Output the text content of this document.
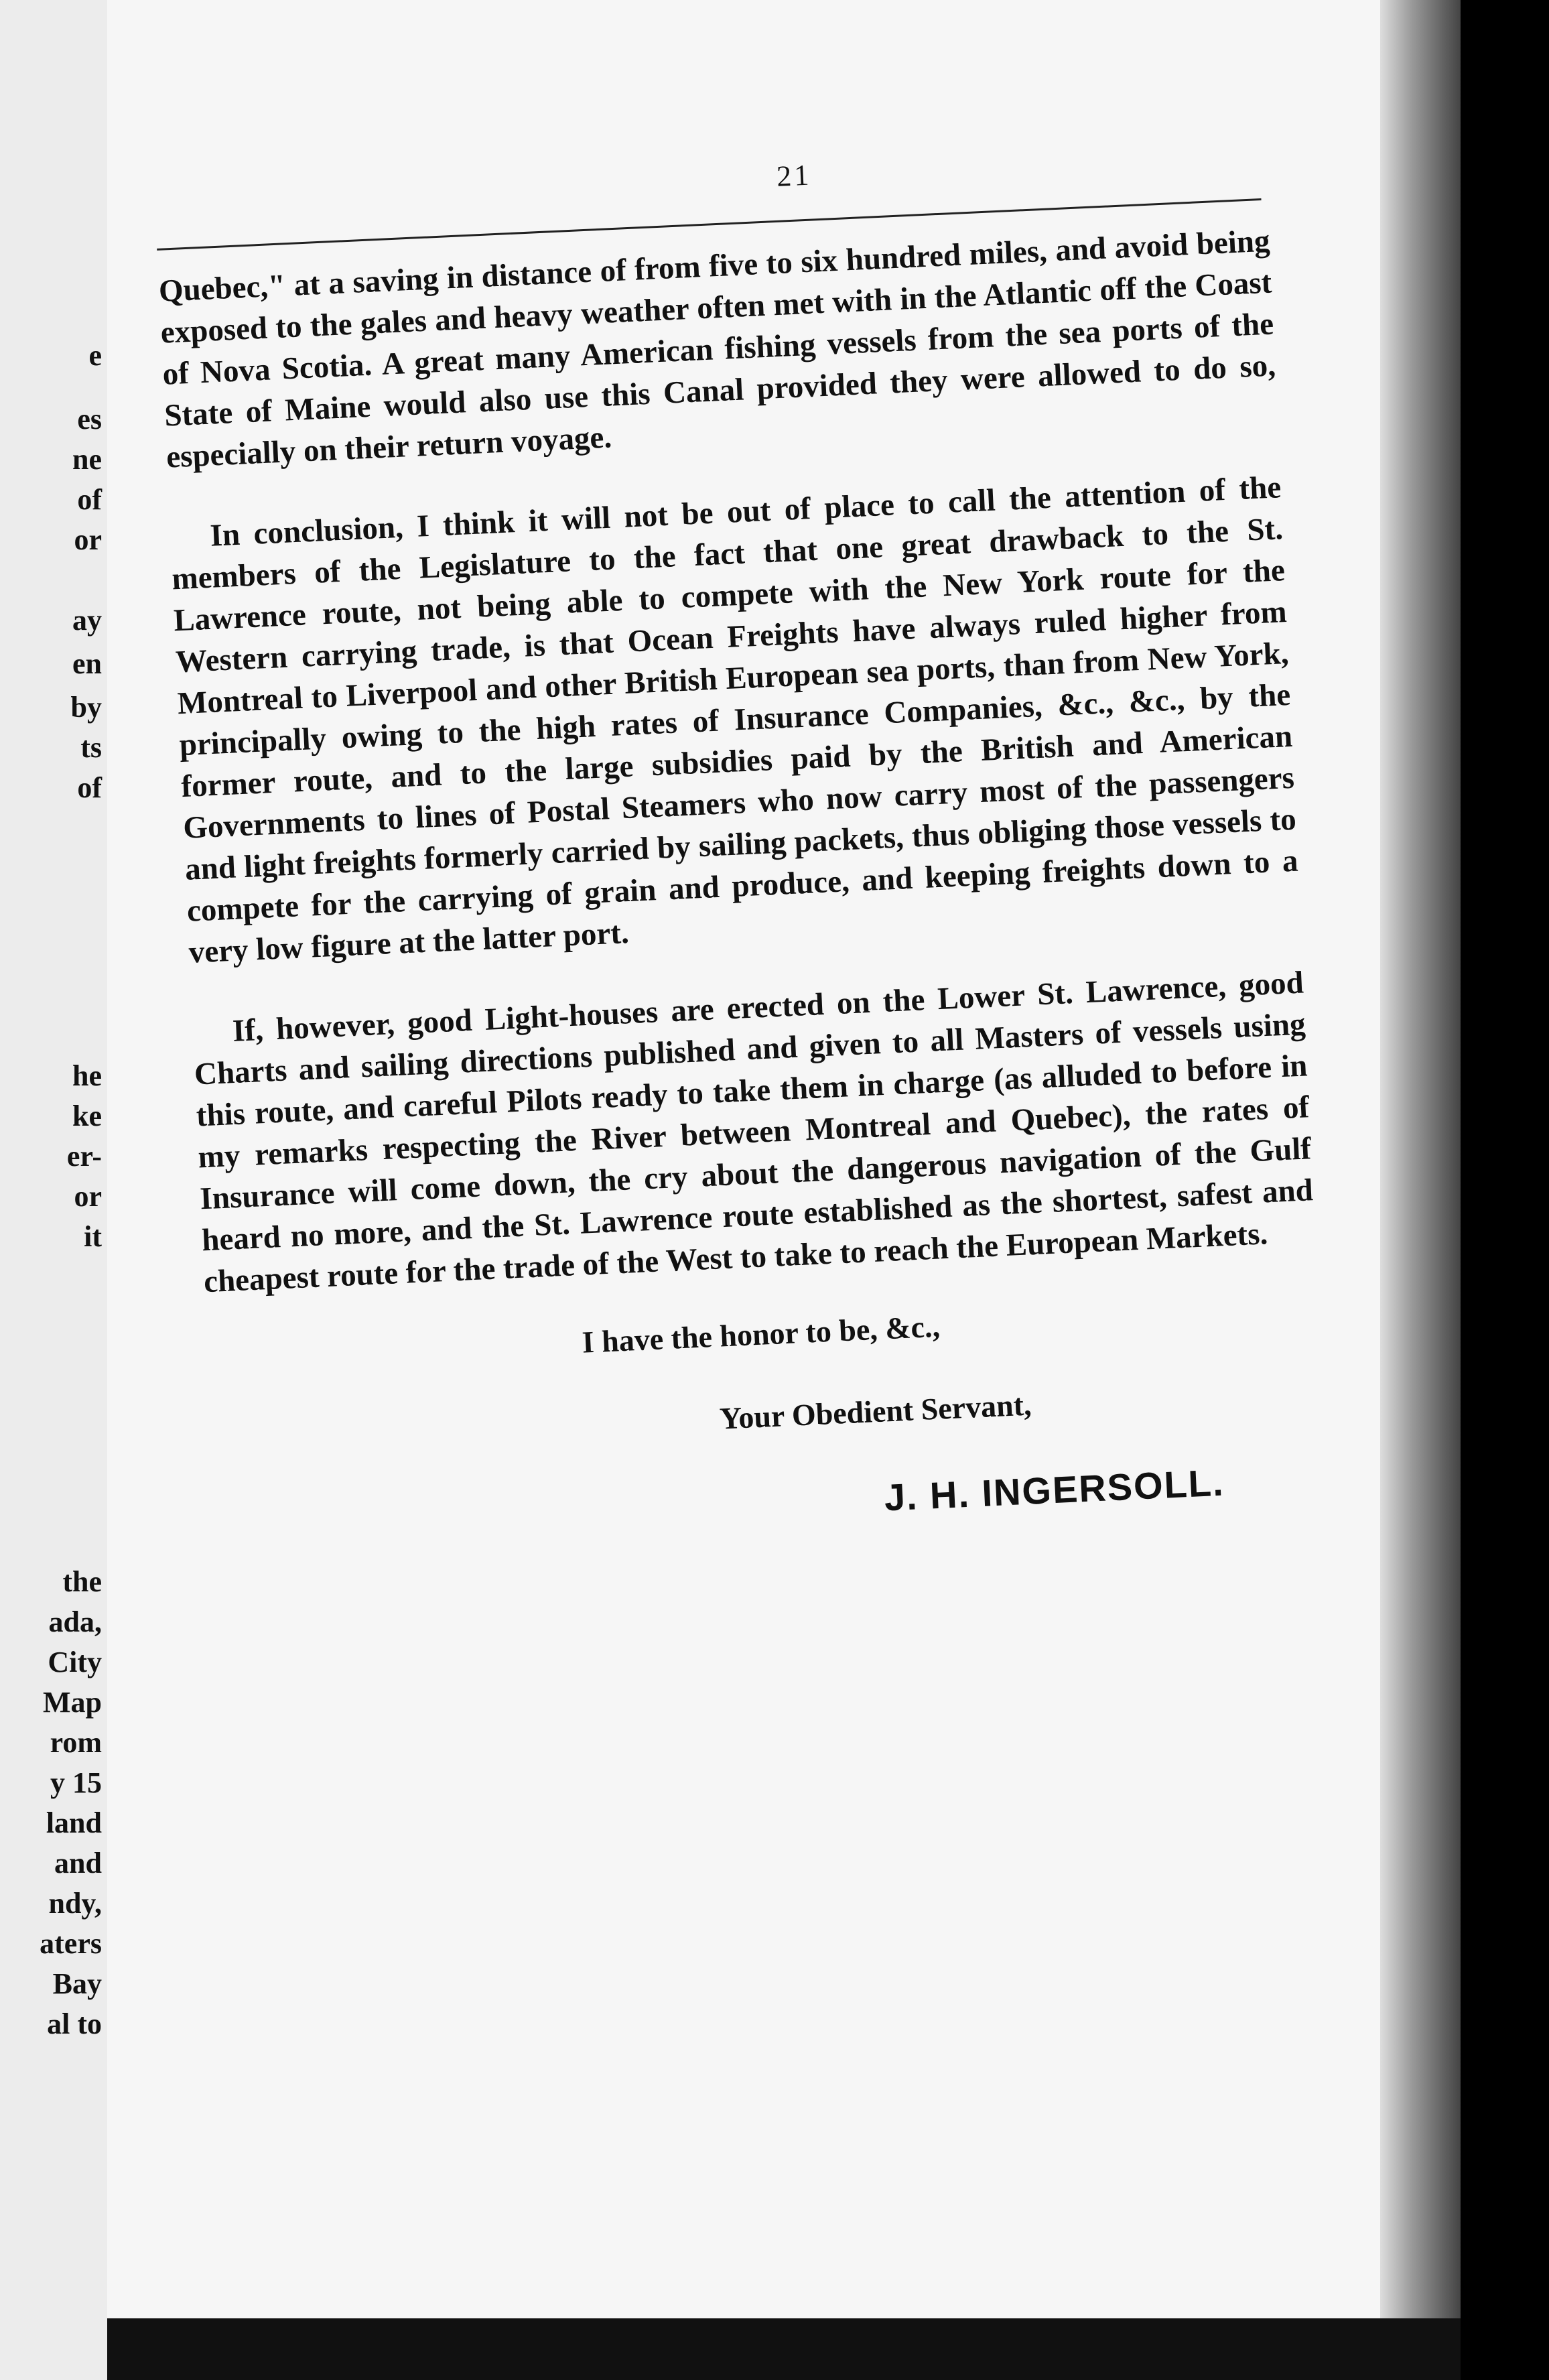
e
es
ne
of
or
ay
en
by
ts
of
he
ke
er-
or
it
the
ada,
City
Map
rom
y 15
land
and
ndy,
aters
Bay
al to
21

Quebec," at a saving in distance of from five to six hundred miles, and avoid being exposed to the gales and heavy weather often met with in the Atlantic off the Coast of Nova Scotia. A great many American fishing vessels from the sea ports of the State of Maine would also use this Canal provided they were allowed to do so, especially on their return voyage.

In conclusion, I think it will not be out of place to call the attention of the members of the Legislature to the fact that one great drawback to the St. Lawrence route, not being able to compete with the New York route for the Western carrying trade, is that Ocean Freights have always ruled higher from Montreal to Liverpool and other British European sea ports, than from New York, principally owing to the high rates of Insurance Companies, &c., &c., by the former route, and to the large subsidies paid by the British and American Governments to lines of Postal Steamers who now carry most of the passengers and light freights formerly carried by sailing packets, thus obliging those vessels to compete for the carrying of grain and produce, and keeping freights down to a very low figure at the latter port.

If, however, good Light-houses are erected on the Lower St. Lawrence, good Charts and sailing directions published and given to all Masters of vessels using this route, and careful Pilots ready to take them in charge (as alluded to before in my remarks respecting the River between Montreal and Quebec), the rates of Insurance will come down, the cry about the dangerous navigation of the Gulf heard no more, and the St. Lawrence route established as the shortest, safest and cheapest route for the trade of the West to take to reach the European Markets.

I have the honor to be, &c.,

Your Obedient Servant,

J. H. INGERSOLL.
